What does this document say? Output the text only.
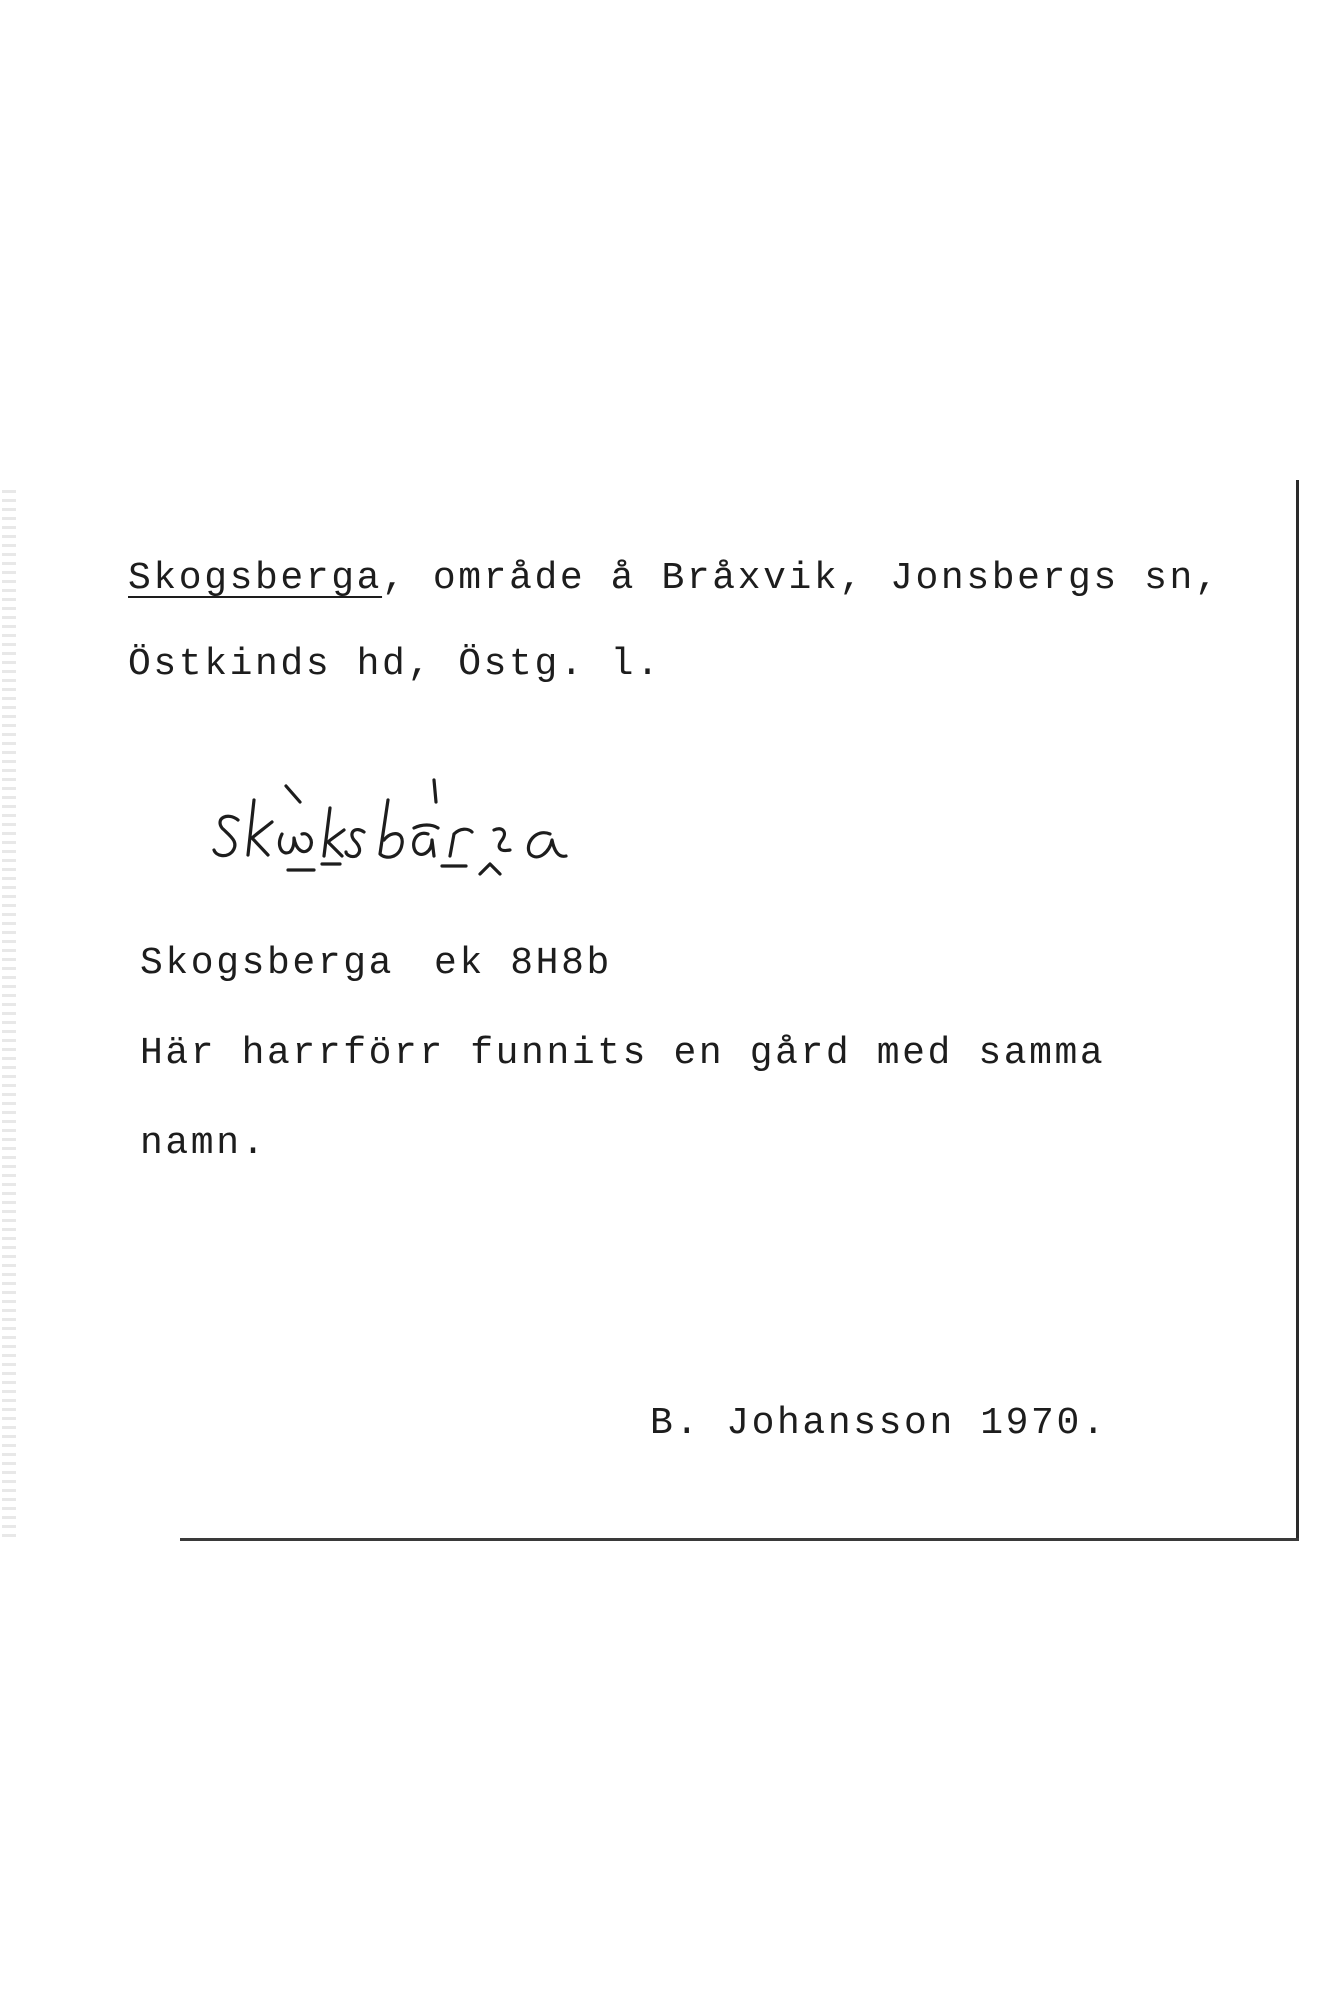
Skogsberga, område å Bråxvik, Jonsbergs sn,
Östkinds hd, Östg. l.
Skogsberga ek 8H8b
Här harrförr funnits en gård med samma
namn.
B. Johansson 1970.
